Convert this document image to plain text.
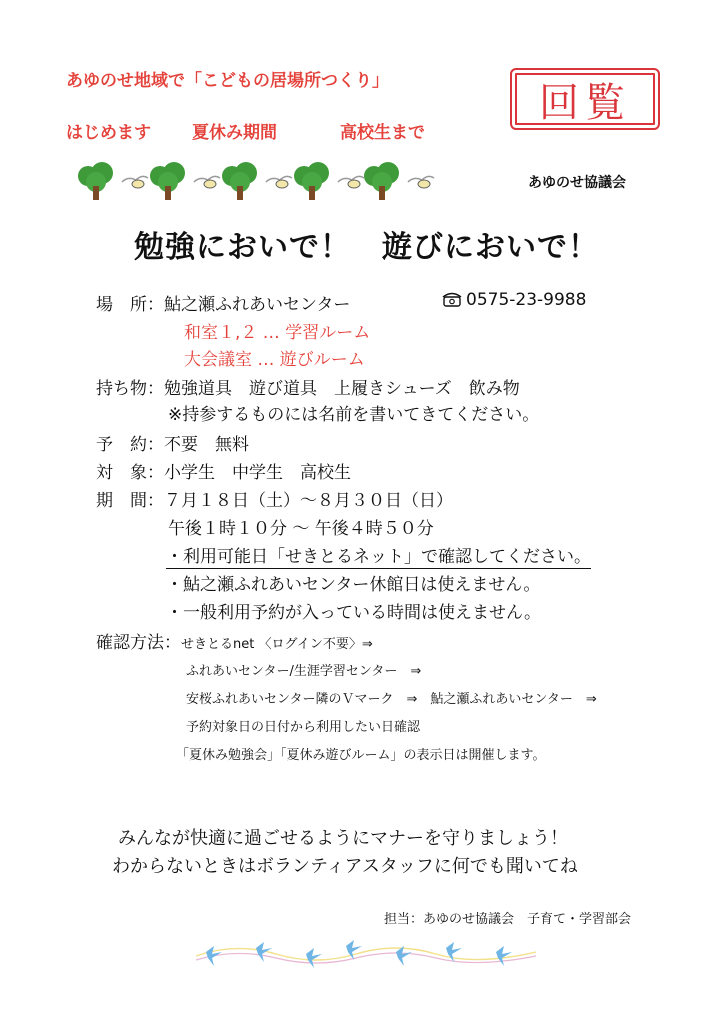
あゆのせ地域で「こどもの居場所つくり」
はじめます 夏休み期間	高校生まで
回覧
あゆのせ協議会
勉強においで！　遊びにおいで！
場　所：鮎之瀬ふれあいセンター	0575-23-9988
和室１,２ … 学習ルーム
大会議室 … 遊びルーム
持ち物：勉強道具　遊び道具　上履きシューズ　飲み物
※持参するものには名前を書いてきてください。
予　約：不要　無料
対　象：小学生　中学生　高校生
期　間：７月１８日（土）～８月３０日（日）
午後１時１０分 ～ 午後４時５０分
・利用可能日「せきとるネット」で確認してください。
・鮎之瀬ふれあいセンター休館日は使えません。
・一般利用予約が入っている時間は使えません。
確認方法：せきとるnet 〈ログイン不要〉⇒
ふれあいセンター/生涯学習センター　⇒
安桜ふれあいセンター隣のＶマーク　⇒　鮎之瀬ふれあいセンター　⇒
予約対象日の日付から利用したい日確認
「夏休み勉強会」「夏休み遊びルーム」の表示日は開催します。
みんなが快適に過ごせるようにマナーを守りましょう！
わからないときはボランティアスタッフに何でも聞いてね
担当：あゆのせ協議会　子育て・学習部会
